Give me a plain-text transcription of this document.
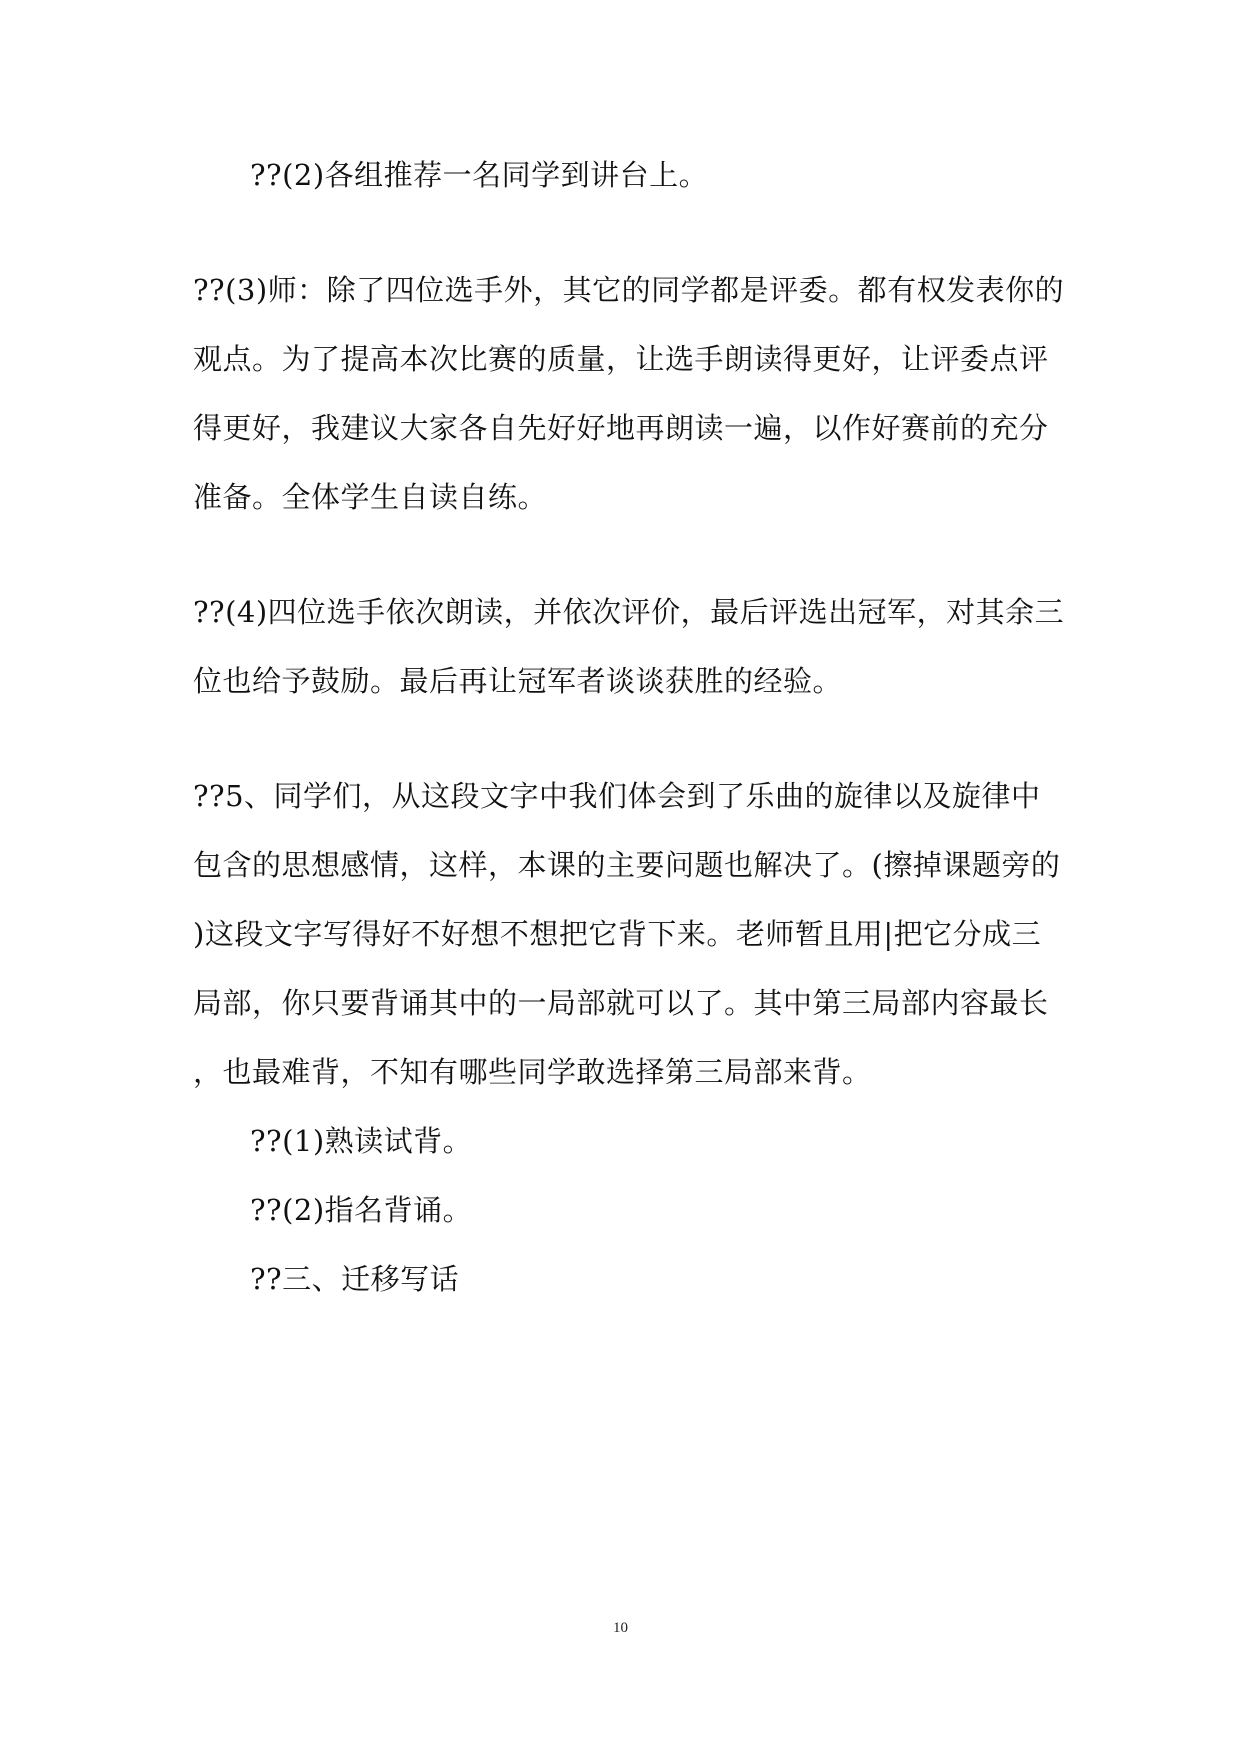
??(2)各组推荐一名同学到讲台上。
??(3)师：除了四位选手外，其它的同学都是评委。都有权发表你的
观点。为了提高本次比赛的质量，让选手朗读得更好，让评委点评
得更好，我建议大家各自先好好地再朗读一遍，以作好赛前的充分
准备。全体学生自读自练。
??(4)四位选手依次朗读，并依次评价，最后评选出冠军，对其余三
位也给予鼓励。最后再让冠军者谈谈获胜的经验。
??5、同学们，从这段文字中我们体会到了乐曲的旋律以及旋律中
包含的思想感情，这样，本课的主要问题也解决了。(擦掉课题旁的
)这段文字写得好不好想不想把它背下来。老师暂且用|把它分成三
局部，你只要背诵其中的一局部就可以了。其中第三局部内容最长
，也最难背，不知有哪些同学敢选择第三局部来背。
??(1)熟读试背。
??(2)指名背诵。
??三、迁移写话
10
